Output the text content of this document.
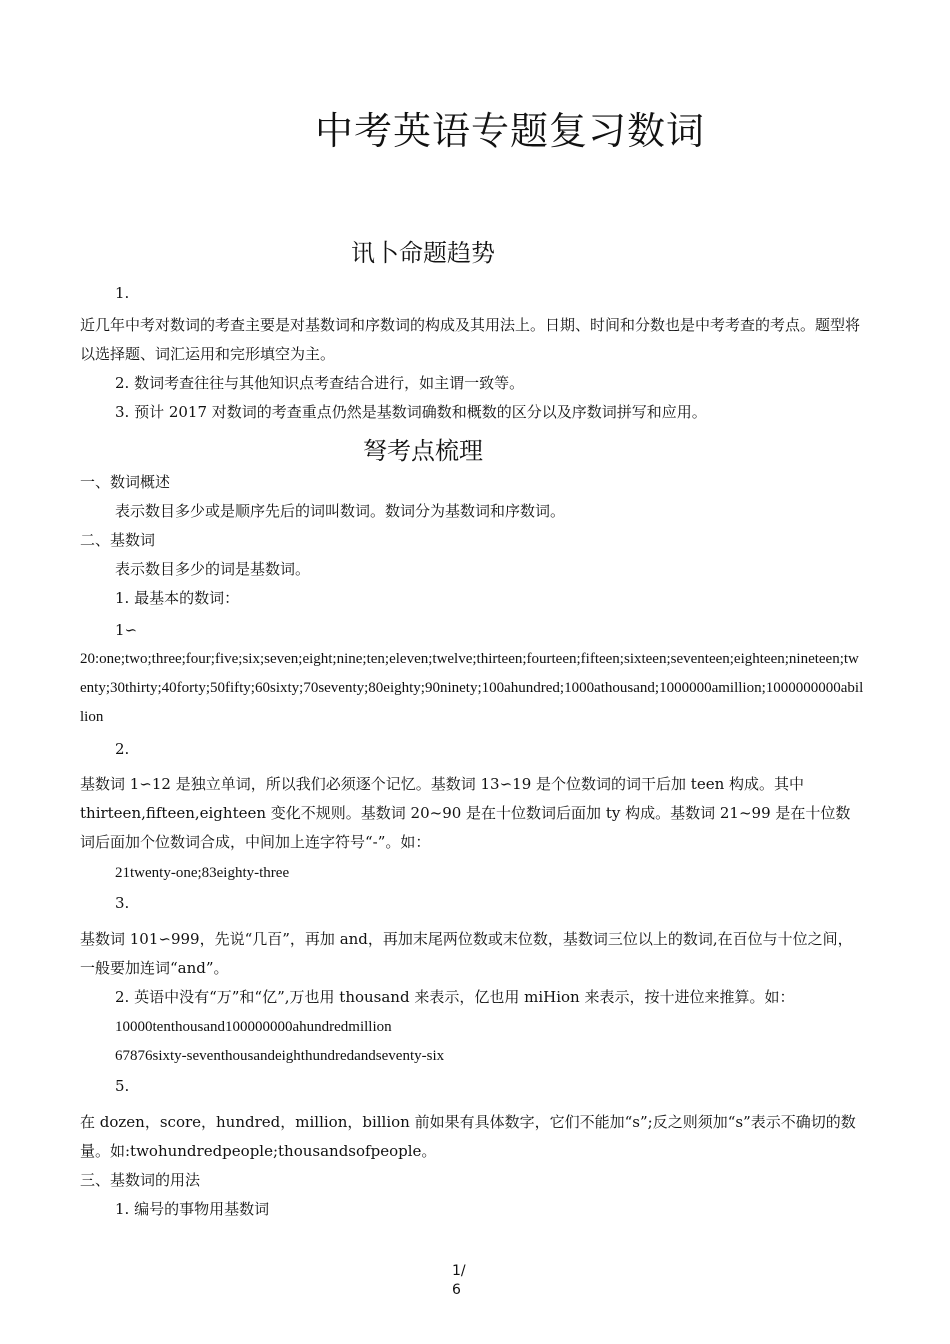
中考英语专题复习数词
讯卜命题趋势
1.
近几年中考对数词的考查主要是对基数词和序数词的构成及其用法上。日期、时间和分数也是中考考查的考点。题型将以选择题、词汇运用和完形填空为主。
2. 数词考查往往与其他知识点考查结合进行，如主谓一致等。
3. 预计 2017 对数词的考查重点仍然是基数词确数和概数的区分以及序数词拼写和应用。
弩考点梳理
一、数词概述
表示数目多少或是顺序先后的词叫数词。数词分为基数词和序数词。
二、基数词
表示数目多少的词是基数词。
1. 最基本的数词：
1∽
20:one;two;three;four;five;six;seven;eight;nine;ten;eleven;twelve;thirteen;fourteen;fifteen;sixteen;seventeen;eighteen;nineteen;twenty;30thirty;40forty;50fifty;60sixty;70seventy;80eighty;90ninety;100ahundred;1000athousand;1000000amillion;1000000000abillion
2.
基数词 1∽12 是独立单词，所以我们必须逐个记忆。基数词 13∽19 是个位数词的词干后加 teen 构成。其中 thirteen,fifteen,eighteen 变化不规则。基数词 20~90 是在十位数词后面加 ty 构成。基数词 21~99 是在十位数词后面加个位数词合成，中间加上连字符号“-”。如：
21twenty-one;83eighty-three
3.
基数词 101∽999，先说“几百”，再加 and，再加末尾两位数或末位数，基数词三位以上的数词,在百位与十位之间，一般要加连词“and”。
2. 英语中没有“万”和“亿”,万也用 thousand 来表示，亿也用 miHion 来表示，按十进位来推算。如：
10000tenthousand100000000ahundredmillion
67876sixty-seventhousandeighthundredandseventy-six
5.
在 dozen，score，hundred，million，billion 前如果有具体数字，它们不能加“s”;反之则须加“s”表示不确切的数量。如:twohundredpeople;thousandsofpeople。
三、基数词的用法
1. 编号的事物用基数词
1/
6
